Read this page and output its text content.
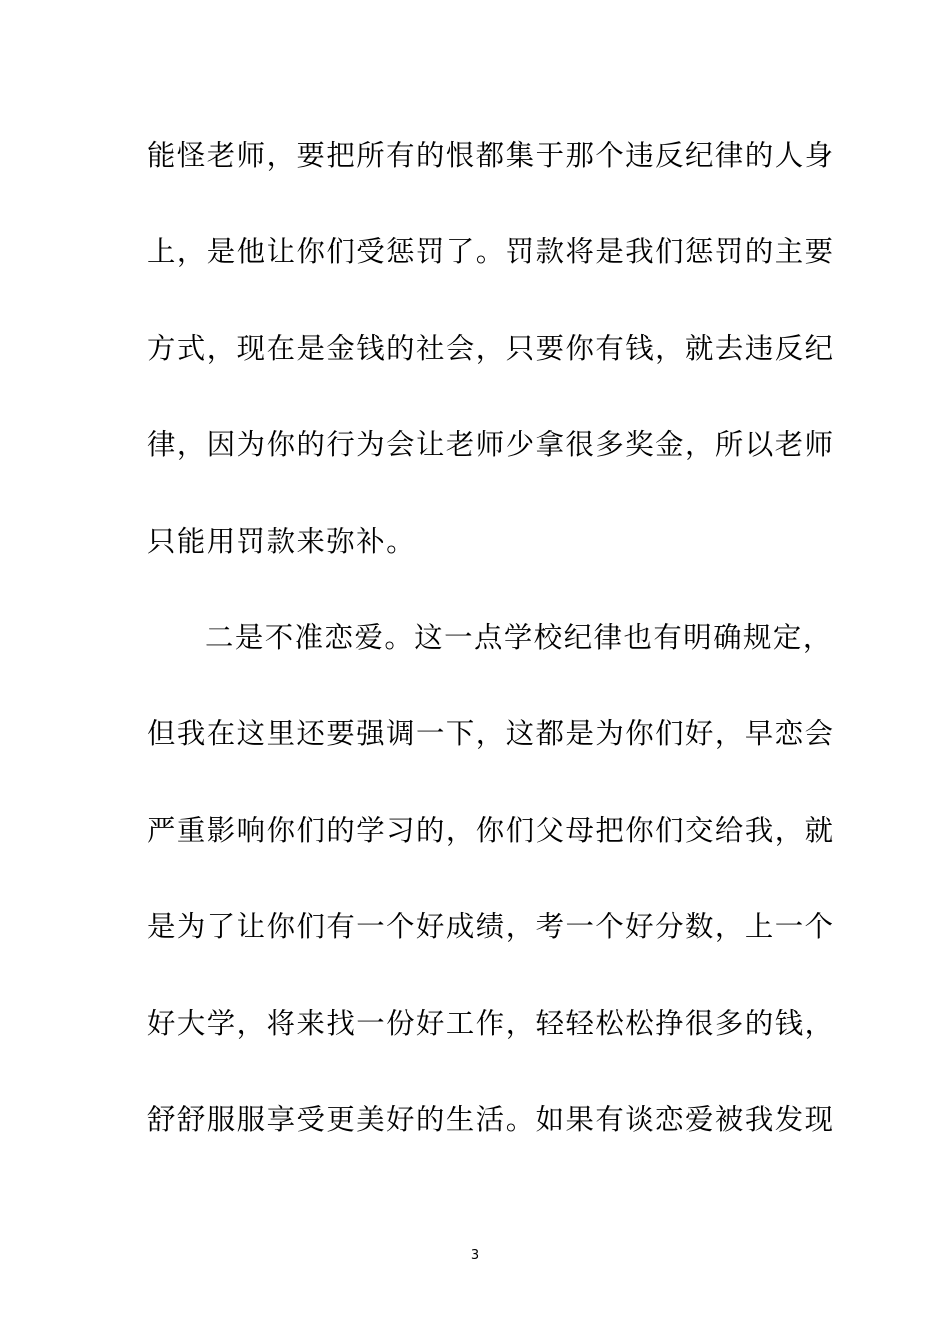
能怪老师，要把所有的恨都集于那个违反纪律的人身
上，是他让你们受惩罚了。罚款将是我们惩罚的主要
方式，现在是金钱的社会，只要你有钱，就去违反纪
律，因为你的行为会让老师少拿很多奖金，所以老师
只能用罚款来弥补。
二是不准恋爱。这一点学校纪律也有明确规定，
但我在这里还要强调一下，这都是为你们好，早恋会
严重影响你们的学习的，你们父母把你们交给我，就
是为了让你们有一个好成绩，考一个好分数，上一个
好大学，将来找一份好工作，轻轻松松挣很多的钱，
舒舒服服享受更美好的生活。如果有谈恋爱被我发现
3
